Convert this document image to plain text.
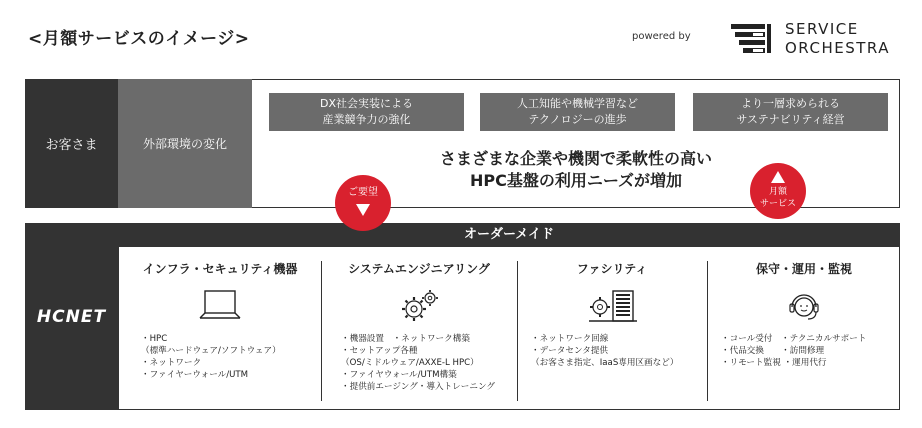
<月額サービスのイメージ>	powered by	SERVICE
ORCHESTRA
お客さま	外部環境の変化
DX社会実装による
産業競争力の強化
人工知能や機械学習など
テクノロジーの進歩
より一層求められる
サステナビリティ経営
さまざまな企業や機関で柔軟性の高い
HPC基盤の利用ニーズが増加
HCNET
オーダーメイド
インフラ・セキュリティ機器
・HPC
（標準ハードウェア/ソフトウェア）
・ネットワーク
・ファイヤーウォール/UTM
システムエンジニアリング
・機器設置　・ネットワーク構築
・セットアップ各種
（OS/ミドルウェア/AXXE-L HPC）
・ファイヤウォール/UTM構築
・提供前エージング・導入トレーニング
ファシリティ
・ネットワーク回線
・データセンタ提供
（お客さま指定、IaaS専用区画など）
保守・運用・監視
・コール受付　・テクニカルサポート
・代品交換　　・訪問修理
・リモート監視 ・運用代行
ご要望	月額
サービス
